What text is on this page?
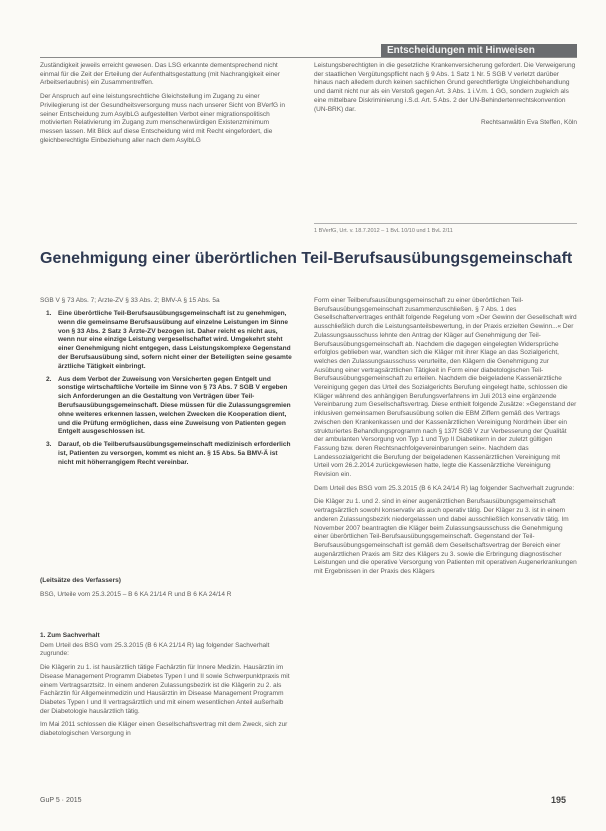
Entscheidungen mit Hinweisen

Zuständigkeit jeweils erreicht gewesen. Das LSG erkannte dementsprechend nicht einmal für die Zeit der Erteilung der Aufenthaltsgestattung (mit Nachrangigkeit einer Arbeitserlaubnis) ein Zusammentreffen.

Der Anspruch auf eine leistungsrechtliche Gleichstellung im Zugang zu einer Privilegierung ist der Gesundheitsversorgung muss nach unserer Sicht von BVerfG in seiner Entscheidung zum AsylbLG aufgestellten Verbot einer migrationspolitisch motivierten Relativierung im Zugang zum menschenwürdigen Existenzminimum messen lassen. Mit Blick auf diese Entscheidung wird mit Recht eingefordert, die gleichberechtigte Einbeziehung aller nach dem AsylbLG

Leistungsberechtigten in die gesetzliche Krankenversicherung gefordert. Die Verweigerung der staatlichen Vergütungspflicht nach § 9 Abs. 1 Satz 1 Nr. 5 SGB V verletzt darüber hinaus nach alledem durch keinen sachlichen Grund gerechtfertigte Ungleichbehandlung und damit nicht nur als ein Verstoß gegen Art. 3 Abs. 1 i.V.m. 1 GG, sondern zugleich als eine mittelbare Diskriminierung i.S.d. Art. 5 Abs. 2 der UN-Behindertenrechtskonvention (UN-BRK) dar.

Rechtsanwältin Eva Steffen, Köln

1 BVerfG, Urt. v. 18.7.2012 – 1 BvL 10/10 und 1 BvL 2/11
Genehmigung einer überörtlichen Teil-Berufsausübungsgemeinschaft
SGB V § 73 Abs. 7; Ärzte-ZV § 33 Abs. 2; BMV-Ä § 15 Abs. 5a
1. Eine überörtliche Teil-Berufsausübungsgemeinschaft ist zu genehmigen, wenn die gemeinsame Berufsausübung auf einzelne Leistungen im Sinne von § 33 Abs. 2 Satz 3 Ärzte-ZV bezogen ist. Daher reicht es nicht aus, wenn nur eine einzige Leistung vergesellschaftet wird. Umgekehrt steht einer Genehmigung nicht entgegen, dass Leistungskomplexe Gegenstand der Berufsausübung sind, sofern nicht einer der Beteiligten seine gesamte ärztliche Tätigkeit einbringt.
2. Aus dem Verbot der Zuweisung von Versicherten gegen Entgelt und sonstige wirtschaftliche Vorteile im Sinne von § 73 Abs. 7 SGB V ergeben sich Anforderungen an die Gestaltung von Verträgen über Teil-Berufsausübungsgemeinschaft. Diese müssen für die Zulassungsgremien ohne weiteres erkennen lassen, welchen Zwecken die Kooperation dient, und die Prüfung ermöglichen, dass eine Zuweisung von Patienten gegen Entgelt ausgeschlossen ist.
3. Darauf, ob die Teilberufsausübungsgemeinschaft medizinisch erforderlich ist, Patienten zu versorgen, kommt es nicht an. § 15 Abs. 5a BMV-Ä ist nicht mit höherrangigem Recht vereinbar.
(Leitsätze des Verfassers)
BSG, Urteile vom 25.3.2015 – B 6 KA 21/14 R und B 6 KA 24/14 R

1. Zum Sachverhalt

Dem Urteil des BSG vom 25.3.2015 (B 6 KA 21/14 R) lag folgender Sachverhalt zugrunde:

Die Klägerin zu 1. ist hausärztlich tätige Fachärztin für Innere Medizin. Hausärztin im Disease Management Programm Diabetes Typen I und II sowie Schwerpunktpraxis mit einem Vertragsarztsitz. In einem anderen Zulassungsbezirk ist die Klägerin zu 2. als Fachärztin für Allgemeinmedizin und Hausärztin im Disease Management Programm Diabetes Typen I und II vertragsärztlich und mit einem wesentlichen Anteil außerhalb der Diabetologie hausärztlich tätig.

Im Mai 2011 schlossen die Kläger einen Gesellschaftsvertrag mit dem Zweck, sich zur diabetologischen Versorgung in

Form einer Teilberufsausübungsgemeinschaft zu einer überörtlichen Teil-Berufsausübungsgemeinschaft zusammenzuschließen. § 7 Abs. 1 des Gesellschaftervertrages enthält folgende Regelung vom »Der Gewinn der Gesellschaft wird ausschließlich durch die Leistungsanteilsbewertung, in der Praxis erzielten Gewinn...« Der Zulassungsausschuss lehnte den Antrag der Kläger auf Genehmigung der Teil-Berufsausübungsgemeinschaft ab. Nachdem die dagegen eingelegten Widersprüche erfolglos geblieben war, wandten sich die Kläger mit ihrer Klage an das Sozialgericht, welches den Zulassungsausschuss verurteilte, den Klägern die Genehmigung zur Ausübung einer vertragsärztlichen Tätigkeit in Form einer diabetologischen Teil-Berufsausübungsgemeinschaft zu erteilen. Nachdem die beigeladene Kassenärztliche Vereinigung gegen das Urteil des Sozialgerichts Berufung eingelegt hatte, schlossen die Kläger während des anhängigen Berufungsverfahrens im Juli 2013 eine ergänzende Vereinbarung zum Gesellschaftsvertrag. Diese enthielt folgende Zusätze: »Gegenstand der inklusiven gemeinsamen Berufsausübung sollen die EBM Ziffern gemäß des Vertrags zwischen den Krankenkassen und der Kassenärztlichen Vereinigung Nordrhein über ein strukturiertes Behandlungsprogramm nach § 137f SGB V zur Verbesserung der Qualität der ambulanten Versorgung von Typ 1 und Typ II Diabetikern in der zuletzt gültigen Fassung bzw. deren Rechtsnachfolgevereinbarungen sein«. Nachdem das Landessozialgericht die Berufung der beigeladenen Kassenärztlichen Vereinigung mit Urteil vom 26.2.2014 zurückgewiesen hatte, legte die Kassenärztliche Vereinigung Revision ein.

Dem Urteil des BSG vom 25.3.2015 (B 6 KA 24/14 R) lag folgender Sachverhalt zugrunde:

Die Kläger zu 1. und 2. sind in einer augenärztlichen Berufsausübungsgemeinschaft vertragsärztlich sowohl konservativ als auch operativ tätig. Der Kläger zu 3. ist in einem anderen Zulassungsbezirk niedergelassen und dabei ausschließlich konservativ tätig. Im November 2007 beantragten die Kläger beim Zulassungsausschuss die Genehmigung einer überörtlichen Teil-Berufsausübungsgemeinschaft. Gegenstand der Teil-Berufsausübungsgemeinschaft ist gemäß dem Gesellschaftsvertrag der Bereich einer augenärztlichen Praxis am Sitz des Klägers zu 3. sowie die Erbringung diagnostischer Leistungen und die operative Versorgung von Patienten mit operativen Augenerkrankungen mit Ergebnissen in der Praxis des Klägers

GuP 5 · 2015	195
